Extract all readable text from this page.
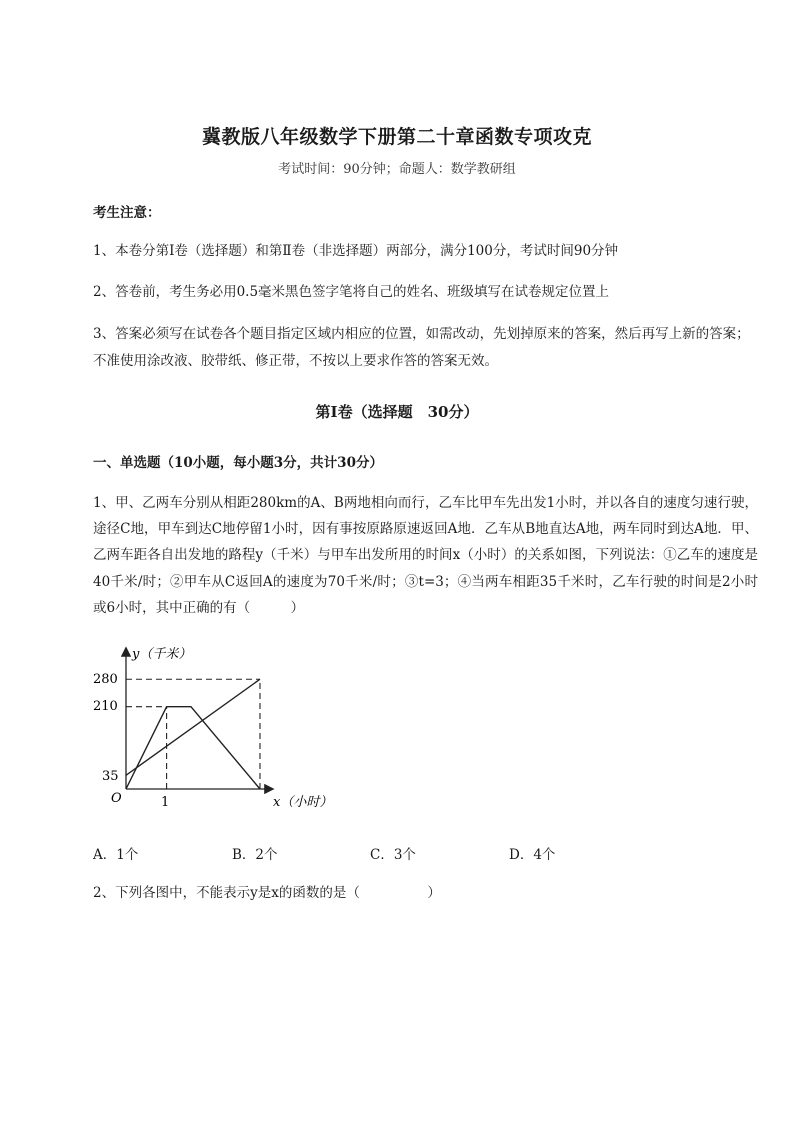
冀教版八年级数学下册第二十章函数专项攻克
考试时间：90分钟；命题人：数学教研组
考生注意：
1、本卷分第I卷（选择题）和第Ⅱ卷（非选择题）两部分，满分100分，考试时间90分钟
2、答卷前，考生务必用0.5毫米黑色签字笔将自己的姓名、班级填写在试卷规定位置上
3、答案必须写在试卷各个题目指定区域内相应的位置，如需改动，先划掉原来的答案，然后再写上新的答案；不准使用涂改液、胶带纸、修正带，不按以上要求作答的答案无效。
第I卷（选择题　30分）
一、单选题（10小题，每小题3分，共计30分）
1、甲、乙两车分别从相距280km的A、B两地相向而行，乙车比甲车先出发1小时，并以各自的速度匀速行驶，途径C地，甲车到达C地停留1小时，因有事按原路原速返回A地．乙车从B地直达A地，两车同时到达A地．甲、乙两车距各自出发地的路程y（千米）与甲车出发所用的时间x（小时）的关系如图，下列说法：①乙车的速度是40千米/时；②甲车从C返回A的速度为70千米/时；③t=3；④当两车相距35千米时，乙车行驶的时间是2小时或6小时，其中正确的有（　　　）
y（千米）
x（小时）
O
280
210
35
1
A．1个	B．2个	C．3个	D．4个
2、下列各图中，不能表示y是x的函数的是（　　　　　）
